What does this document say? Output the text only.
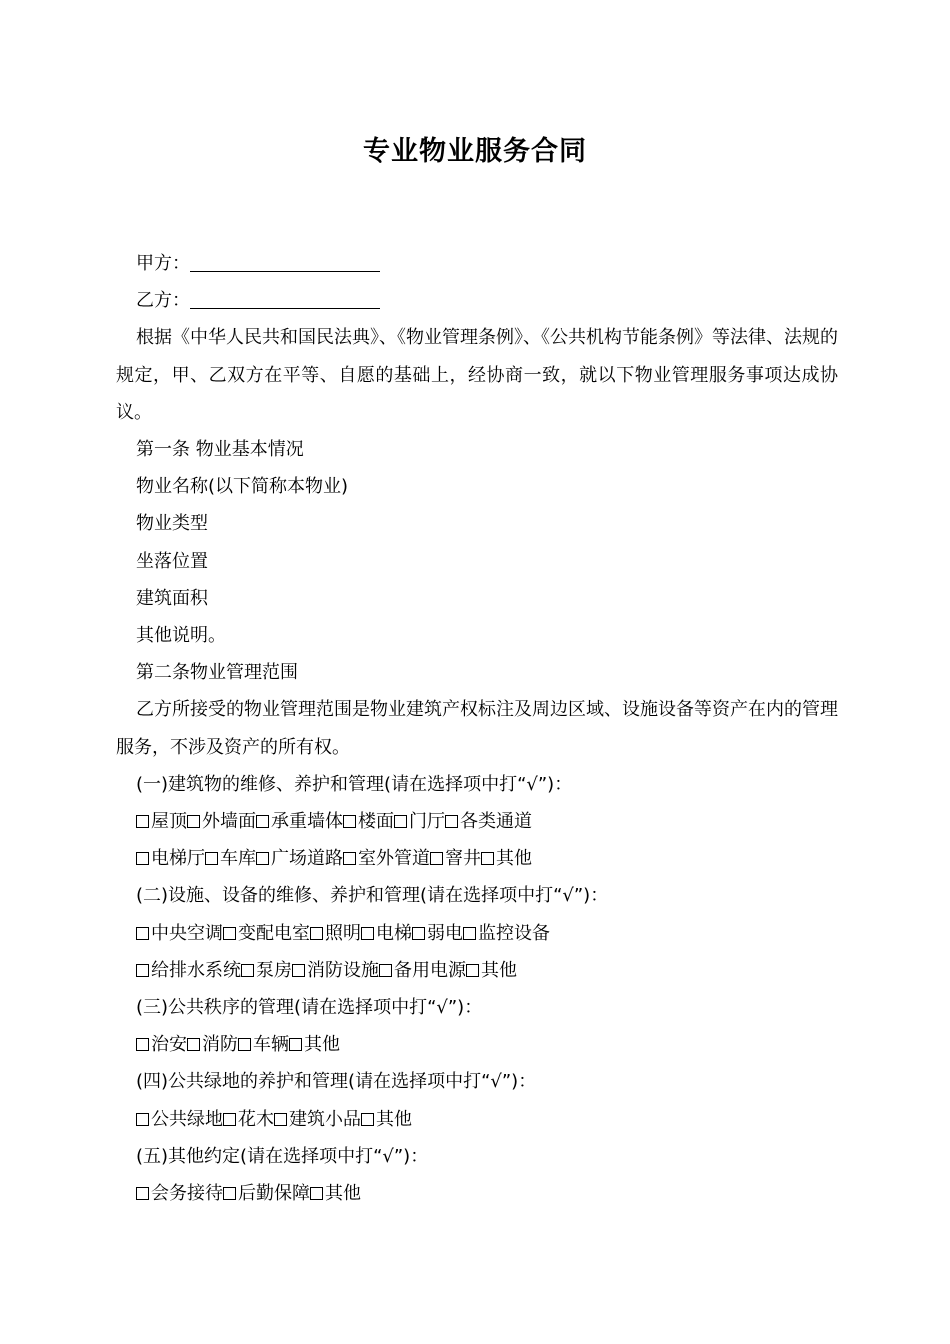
专业物业服务合同
甲方：
乙方：

根据《中华人民共和国民法典》、《物业管理条例》、《公共机构节能条例》等法律、法规的规定，甲、乙双方在平等、自愿的基础上，经协商一致，就以下物业管理服务事项达成协议。

第一条 物业基本情况
物业名称(以下简称本物业)
物业类型
坐落位置
建筑面积
其他说明。
第二条物业管理范围

乙方所接受的物业管理范围是物业建筑产权标注及周边区域、设施设备等资产在内的管理服务，不涉及资产的所有权。

(一)建筑物的维修、养护和管理(请在选择项中打“√”)：
屋顶 外墙面 承重墙体 楼面 门厅 各类通道
电梯厅 车库 广场道路 室外管道 窨井 其他
(二)设施、设备的维修、养护和管理(请在选择项中打“√”)：
中央空调 变配电室 照明 电梯 弱电 监控设备
给排水系统 泵房 消防设施 备用电源 其他
(三)公共秩序的管理(请在选择项中打“√”)：
治安 消防 车辆 其他
(四)公共绿地的养护和管理(请在选择项中打“√”)：
公共绿地 花木 建筑小品 其他
(五)其他约定(请在选择项中打“√”)：
会务接待 后勤保障 其他
